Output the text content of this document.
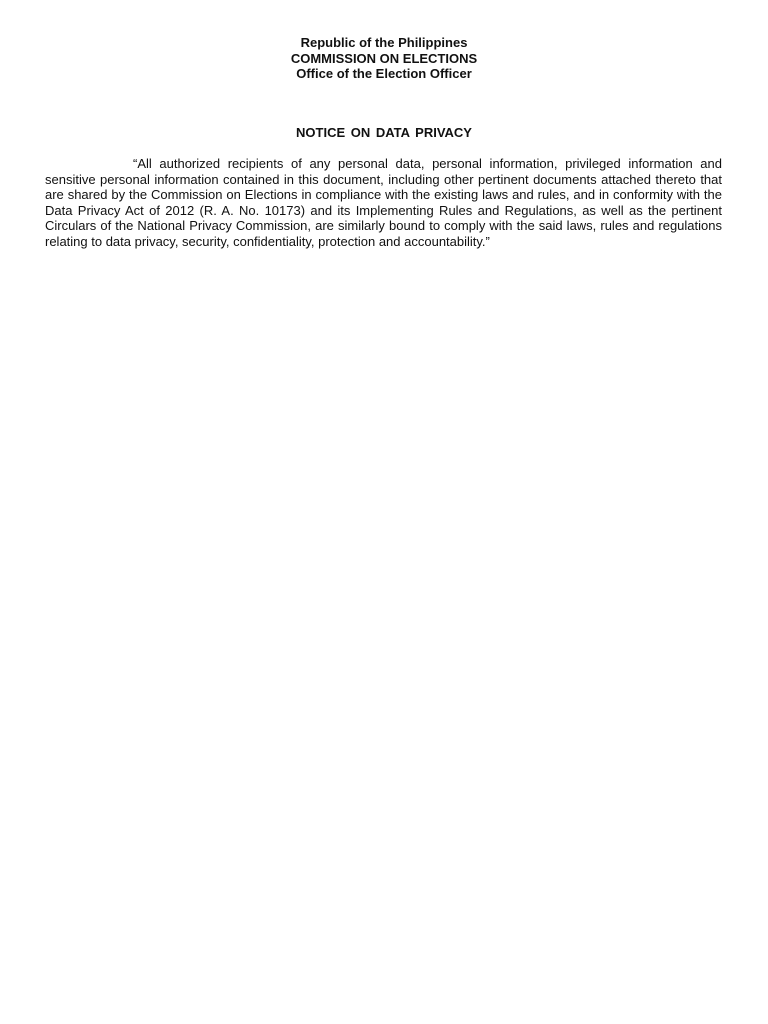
Republic of the Philippines
COMMISSION ON ELECTIONS
Office of the Election Officer
NOTICE ON DATA PRIVACY

“All authorized recipients of any personal data, personal information, privileged information and sensitive personal information contained in this document, including other pertinent documents attached thereto that are shared by the Commission on Elections in compliance with the existing laws and rules, and in conformity with the Data Privacy Act of 2012 (R. A. No. 10173) and its Implementing Rules and Regulations, as well as the pertinent Circulars of the National Privacy Commission, are similarly bound to comply with the said laws, rules and regulations relating to data privacy, security, confidentiality, protection and accountability.”
